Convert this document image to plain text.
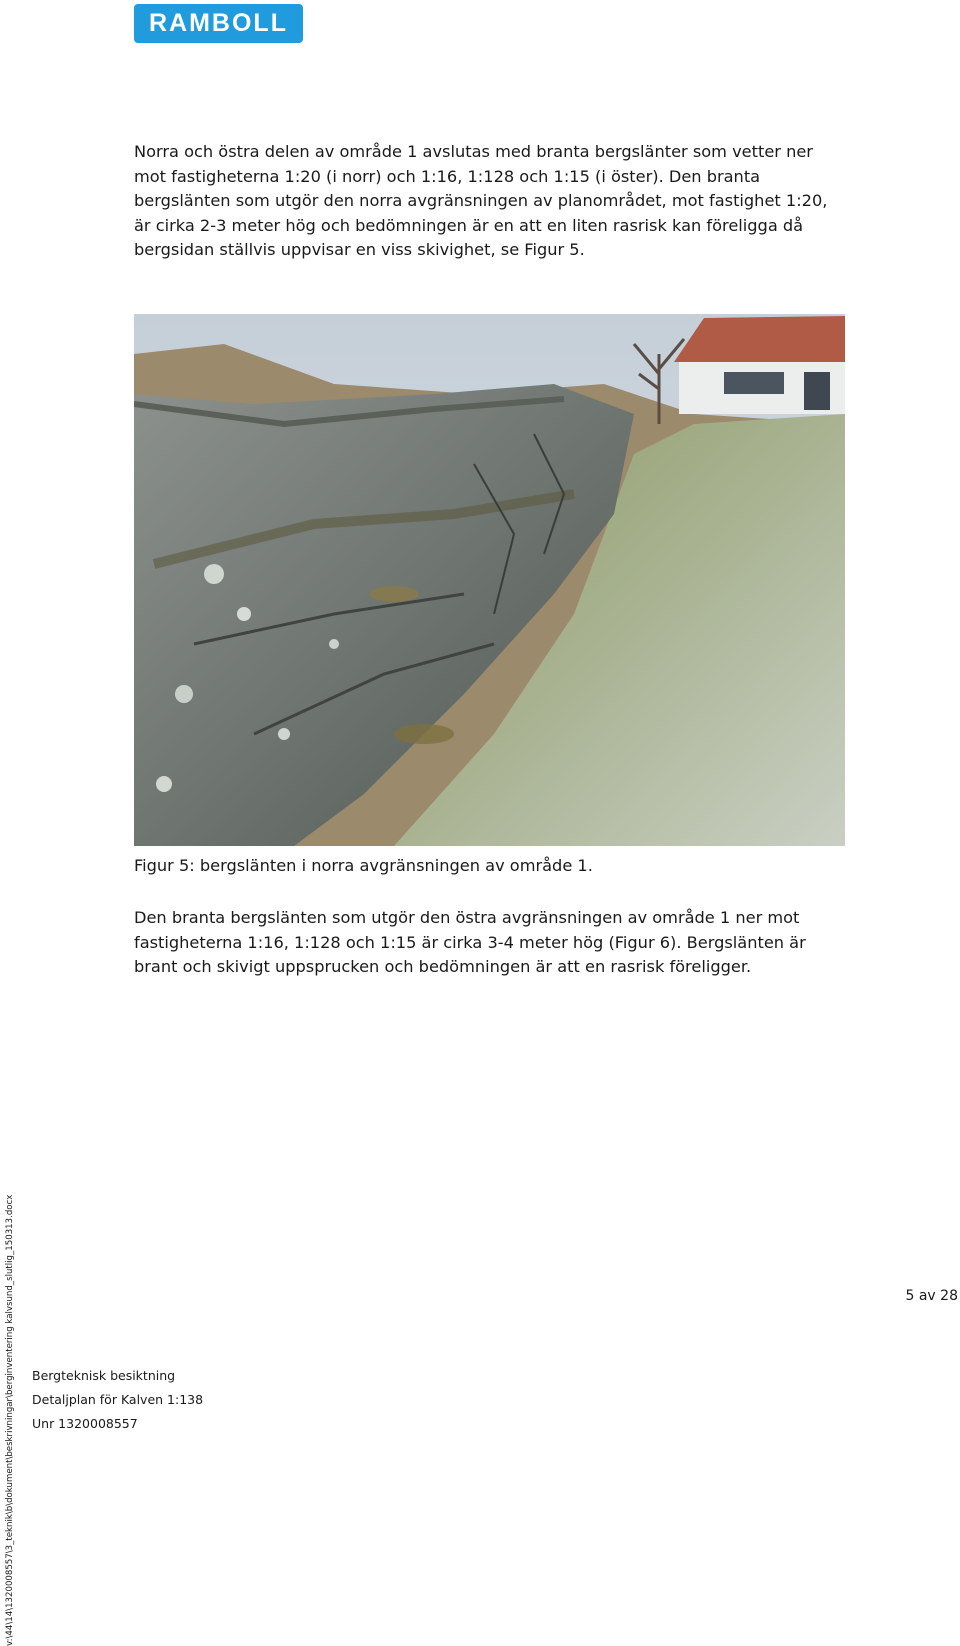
RAMBOLL

Norra och östra delen av område 1 avslutas med branta bergslänter som vetter ner mot fastigheterna 1:20 (i norr) och 1:16, 1:128 och 1:15 (i öster). Den branta bergslänten som utgör den norra avgränsningen av planområdet, mot fastighet 1:20, är cirka 2-3 meter hög och bedömningen är en att en liten rasrisk kan föreligga då bergsidan ställvis uppvisar en viss skivighet, se Figur 5.

Figur 5: bergslänten i norra avgränsningen av område 1.

Den branta bergslänten som utgör den östra avgränsningen av område 1 ner mot fastigheterna 1:16, 1:128 och 1:15 är cirka 3-4 meter hög (Figur 6). Bergslänten är brant och skivigt uppsprucken och bedömningen är att en rasrisk föreligger.

v:\44\14\1320008557\3_teknik\b\dokument\beskrivningar\berginventering kalvsund_slutlig_150313.docx	5 av 28
Bergteknisk besiktning
Detaljplan för Kalven 1:138
Unr 1320008557
